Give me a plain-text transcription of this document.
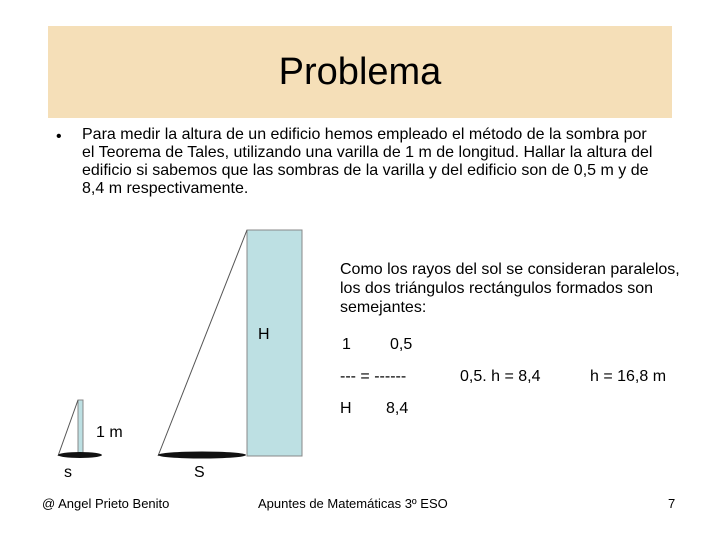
Problema
• Para medir la altura de un edificio hemos empleado el método de la sombra por el Teorema de Tales, utilizando una varilla de 1 m de longitud. Hallar la altura del edificio si sabemos que las sombras de la varilla y del edificio son de 0,5 m y de 8,4 m respectivamente.
H
1 m
s	S
Como los rayos del sol se consideran paralelos, los dos triángulos rectángulos formados son semejantes:
1 0,5
--- = ------	0,5. h = 8,4	h = 16,8 m
H 8,4
@ Angel Prieto Benito	Apuntes de Matemáticas 3º ESO	7
